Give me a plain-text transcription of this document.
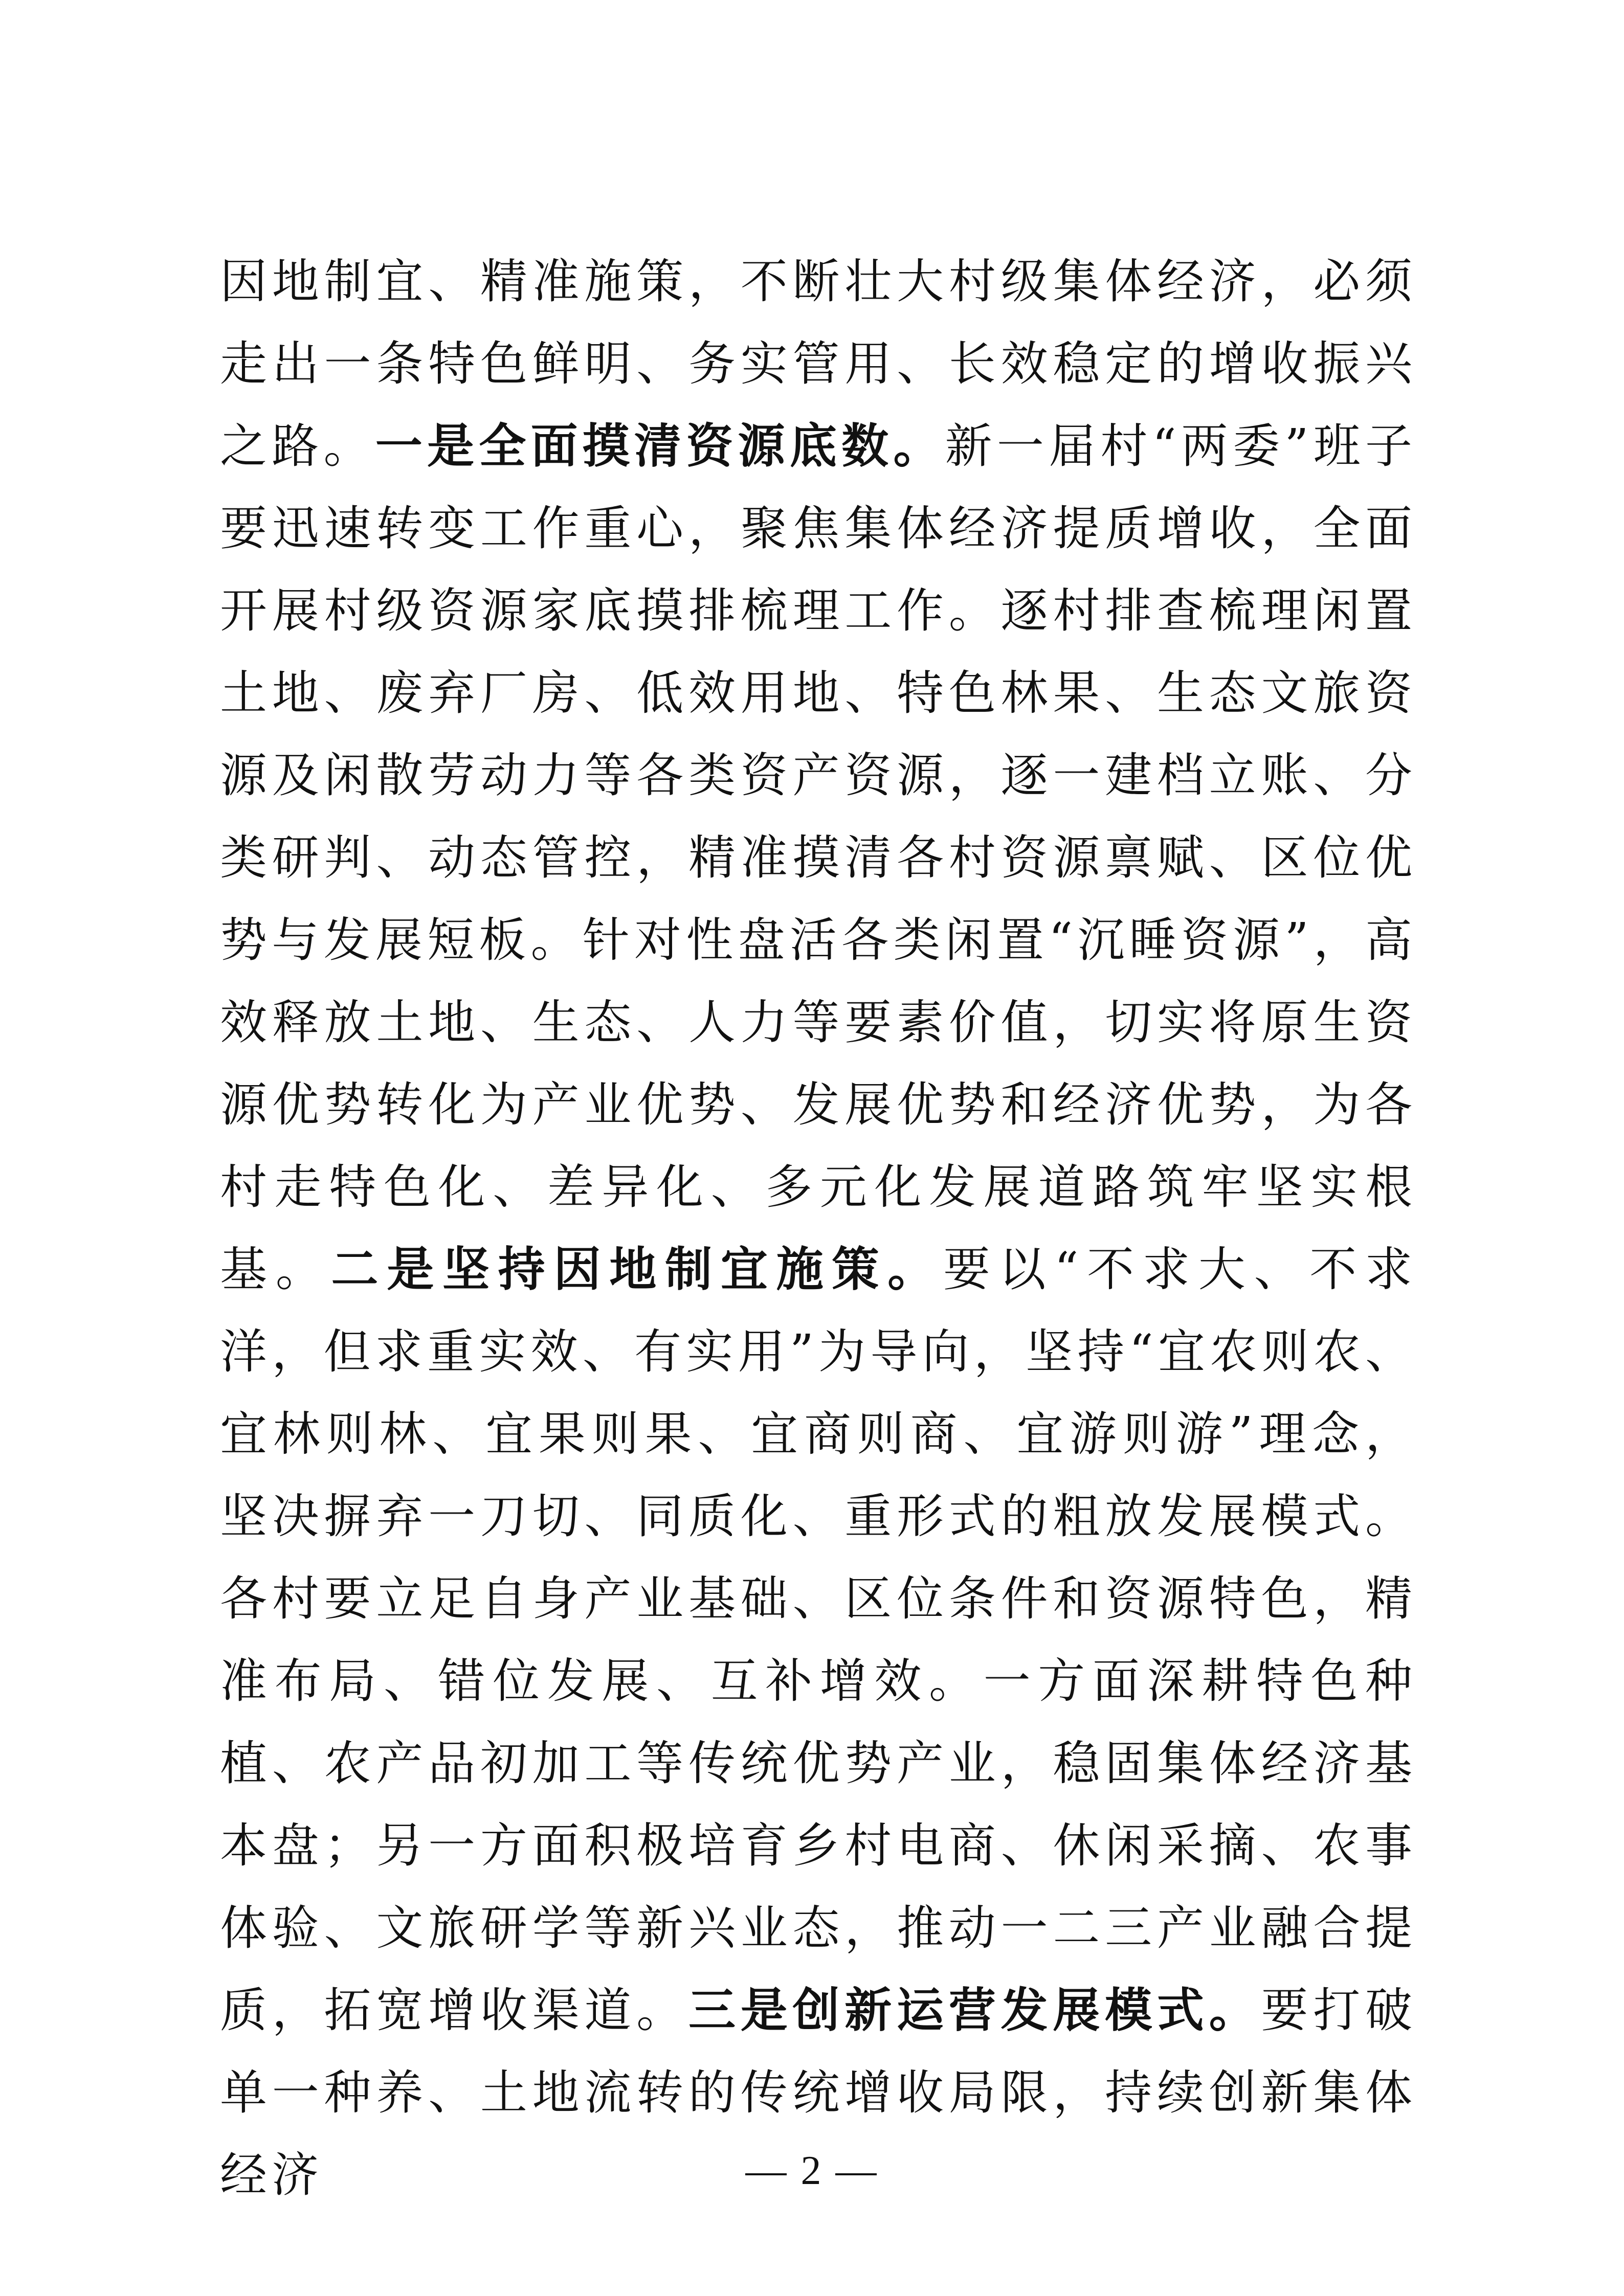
因地制宜、精准施策，不断壮大村级集体经济，必须走出一条特色鲜明、务实管用、长效稳定的增收振兴之路。一是全面摸清资源底数。新一届村“两委”班子要迅速转变工作重心，聚焦集体经济提质增收，全面开展村级资源家底摸排梳理工作。逐村排查梳理闲置土地、废弃厂房、低效用地、特色林果、生态文旅资源及闲散劳动力等各类资产资源，逐一建档立账、分类研判、动态管控，精准摸清各村资源禀赋、区位优势与发展短板。针对性盘活各类闲置“沉睡资源”，高效释放土地、生态、人力等要素价值，切实将原生资源优势转化为产业优势、发展优势和经济优势，为各村走特色化、差异化、多元化发展道路筑牢坚实根基。二是坚持因地制宜施策。要以“不求大、不求洋，但求重实效、有实用”为导向，坚持“宜农则农、宜林则林、宜果则果、宜商则商、宜游则游”理念，坚决摒弃一刀切、同质化、重形式的粗放发展模式。各村要立足自身产业基础、区位条件和资源特色，精准布局、错位发展、互补增效。一方面深耕特色种植、农产品初加工等传统优势产业，稳固集体经济基本盘；另一方面积极培育乡村电商、休闲采摘、农事体验、文旅研学等新兴业态，推动一二三产业融合提质，拓宽增收渠道。三是创新运营发展模式。要打破单一种养、土地流转的传统增收局限，持续创新集体经济	— 2 —
